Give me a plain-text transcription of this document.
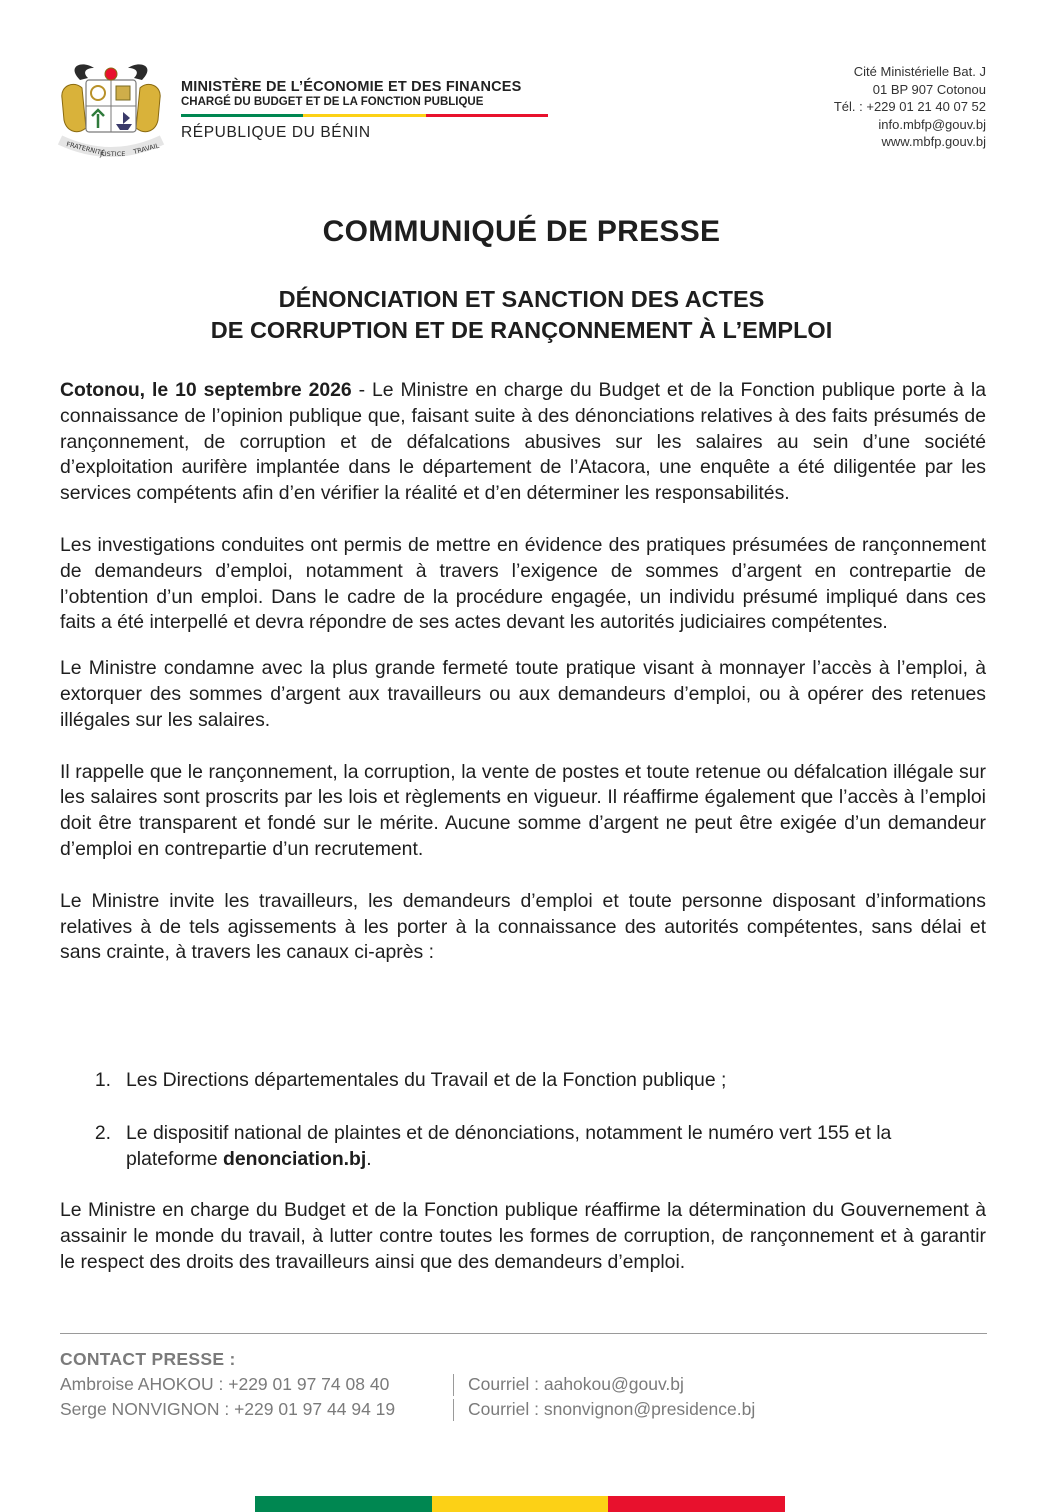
FRATERNITÉ
JUSTICE TRAVAIL
MINISTÈRE DE L’ÉCONOMIE ET DES FINANCES
CHARGÉ DU BUDGET ET DE LA FONCTION PUBLIQUE
RÉPUBLIQUE DU BÉNIN
Cité Ministérielle Bat. J
01 BP 907 Cotonou
Tél. : +229 01 21 40 07 52
info.mbfp@gouv.bj
www.mbfp.gouv.bj
COMMUNIQUÉ DE PRESSE
DÉNONCIATION ET SANCTION DES ACTES
DE CORRUPTION ET DE RANÇONNEMENT À L’EMPLOI

Cotonou, le 10 septembre 2026 - Le Ministre en charge du Budget et de la Fonction publique porte à la connaissance de l’opinion publique que, faisant suite à des dénonciations relatives à des faits présumés de rançonnement, de corruption et de défalcations abusives sur les salaires au sein d’une société d’exploitation aurifère implantée dans le département de l’Atacora, une enquête a été diligentée par les services compétents afin d’en vérifier la réalité et d’en déterminer les responsabilités.

Les investigations conduites ont permis de mettre en évidence des pratiques présumées de rançonnement de demandeurs d’emploi, notamment à travers l’exigence de sommes d’argent en contrepartie de l’obtention d’un emploi. Dans le cadre de la procédure engagée, un individu présumé impliqué dans ces faits a été interpellé et devra répondre de ses actes devant les autorités judiciaires compétentes.

Le Ministre condamne avec la plus grande fermeté toute pratique visant à monnayer l’accès à l’emploi, à extorquer des sommes d’argent aux travailleurs ou aux demandeurs d’emploi, ou à opérer des retenues illégales sur les salaires.

Il rappelle que le rançonnement, la corruption, la vente de postes et toute retenue ou défalcation illégale sur les salaires sont proscrits par les lois et règlements en vigueur. Il réaffirme également que l’accès à l’emploi doit être transparent et fondé sur le mérite. Aucune somme d’argent ne peut être exigée d’un demandeur d’emploi en contrepartie d’un recrutement.

Le Ministre invite les travailleurs, les demandeurs d’emploi et toute personne disposant d’informations relatives à de tels agissements à les porter à la connaissance des autorités compétentes, sans délai et sans crainte, à travers les canaux ci-après :

1. Les Directions départementales du Travail et de la Fonction publique ;
2. Le dispositif national de plaintes et de dénonciations, notamment le numéro vert 155 et la plateforme denonciation.bj.

Le Ministre en charge du Budget et de la Fonction publique réaffirme la détermination du Gouvernement à assainir le monde du travail, à lutter contre toutes les formes de corruption, de rançonnement et à garantir le respect des droits des travailleurs ainsi que des demandeurs d’emploi.

CONTACT PRESSE :
Ambroise AHOKOU : +229 01 97 74 08 40	Courriel : aahokou@gouv.bj
Serge NONVIGNON : +229 01 97 44 94 19	Courriel : snonvignon@presidence.bj
